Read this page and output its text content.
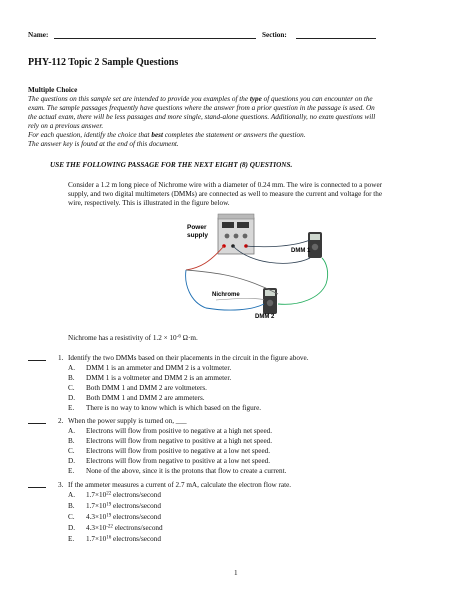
Name:	Section:
PHY-112 Topic 2 Sample Questions
Multiple Choice
The questions on this sample set are intended to provide you examples of the type of questions you can encounter on the
exam. The sample passages frequently have questions where the answer from a prior question in the passage is used. On
the actual exam, there will be less passages and more single, stand-alone questions. Additionally, no exam questions will
rely on a previous answer.
For each question, identify the choice that best completes the statement or answers the question.
The answer key is found at the end of this document.
USE THE FOLLOWING PASSAGE FOR THE NEXT EIGHT (8) QUESTIONS.
Consider a 1.2 m long piece of Nichrome wire with a diameter of 0.24 mm. The wire is connected to a power
supply, and two digital multimeters (DMMs) are connected as well to measure the current and voltage for the
wire, respectively. This is illustrated in the figure below.
Power
supply
DMM 1
DMM 2
Nichrome
Nichrome has a resistivity of $1.2 \times 10^{-6}$ Ω·m.
1. Identify the two DMMs based on their placements in the circuit in the figure above.
A. DMM 1 is an ammeter and DMM 2 is a voltmeter.
B. DMM 1 is a voltmeter and DMM 2 is an ammeter.
C. Both DMM 1 and DMM 2 are voltmeters.
D. Both DMM 1 and DMM 2 are ammeters.
E. There is no way to know which is which based on the figure.
2. When the power supply is turned on, ___
A. Electrons will flow from positive to negative at a high net speed.
B. Electrons will flow from negative to positive at a high net speed.
C. Electrons will flow from positive to negative at a low net speed.
D. Electrons will flow from negative to positive at a low net speed.
E. None of the above, since it is the protons that flow to create a current.
3. If the ammeter measures a current of 2.7 mA, calculate the electron flow rate.
A. $1.7\times 10^{22}$ electrons/second
B. $1.7\times 10^{19}$ electrons/second
C. $4.3\times 10^{19}$ electrons/second
D. $4.3\times 10^{-22}$ electrons/second
E. $1.7\times 10^{16}$ electrons/second
1
